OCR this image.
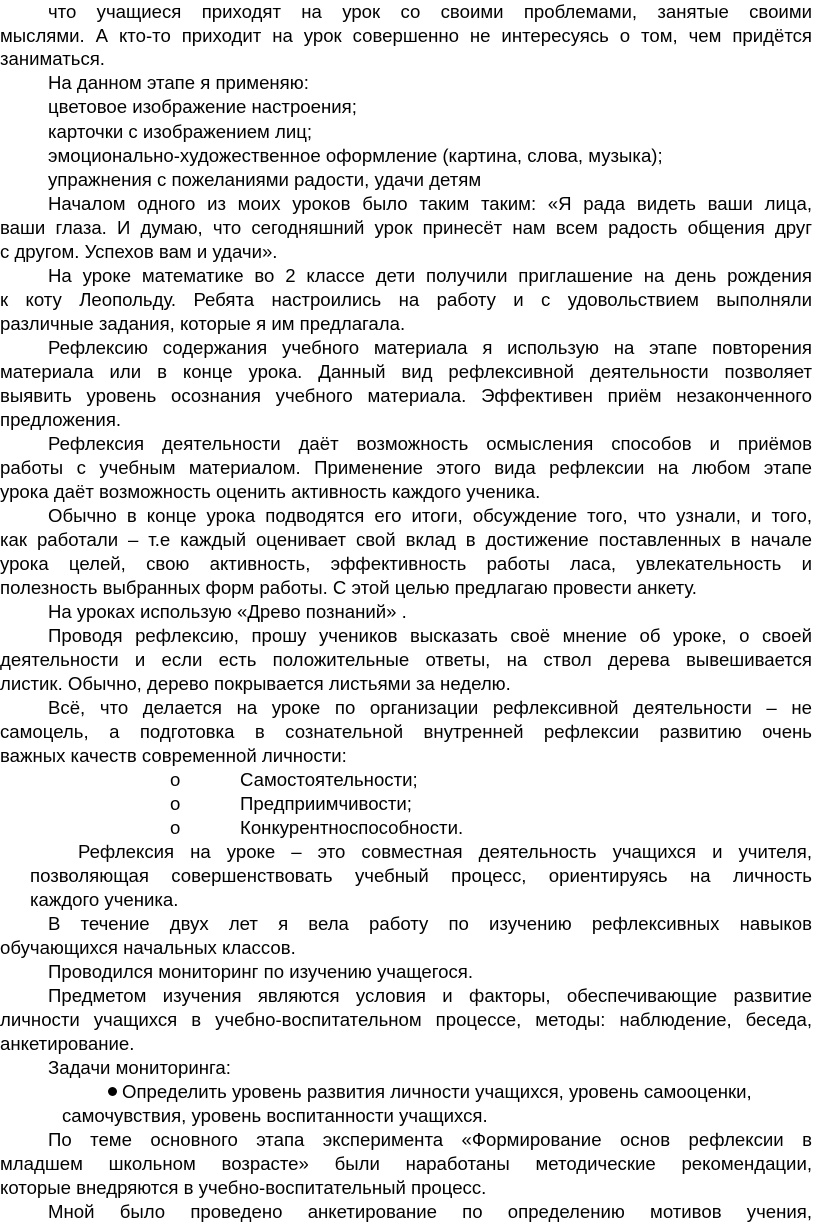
что учащиеся приходят на урок со своими проблемами, занятые своими
мыслями. А кто-то приходит на урок совершенно не интересуясь о том, чем придётся
заниматься.
На данном этапе я применяю:
цветовое изображение настроения;
карточки с изображением лиц;
эмоционально-художественное оформление (картина, слова, музыка);
упражнения с пожеланиями радости, удачи детям
Началом одного из моих уроков было таким таким: «Я рада видеть ваши лица,
ваши глаза. И думаю, что сегодняшний урок принесёт нам всем радость общения друг
с другом. Успехов вам и удачи».
На уроке математике во 2 классе дети получили приглашение на день рождения
к коту Леопольду. Ребята настроились на работу и с удовольствием выполняли
различные задания, которые я им предлагала.
Рефлексию содержания учебного материала я использую на этапе повторения
материала или в конце урока. Данный вид рефлексивной деятельности позволяет
выявить уровень осознания учебного материала. Эффективен приём незаконченного
предложения.
Рефлексия деятельности даёт возможность осмысления способов и приёмов
работы с учебным материалом. Применение этого вида рефлексии на любом этапе
урока даёт возможность оценить активность каждого ученика.
Обычно в конце урока подводятся его итоги, обсуждение того, что узнали, и того,
как работали – т.е каждый оценивает свой вклад в достижение поставленных в начале
урока целей, свою активность, эффективность работы ласа, увлекательность и
полезность выбранных форм работы. С этой целью предлагаю провести анкету.
На уроках использую «Древо познаний» .
Проводя рефлексию, прошу учеников высказать своё мнение об уроке, о своей
деятельности и если есть положительные ответы, на ствол дерева вывешивается
листик. Обычно, дерево покрывается листьями за неделю.
Всё, что делается на уроке по организации рефлексивной деятельности – не
самоцель, а подготовка в сознательной внутренней рефлексии развитию очень
важных качеств современной личности:
o	Самостоятельности;
o	Предприимчивости;
o	Конкурентноспособности.
Рефлексия на уроке – это совместная деятельность учащихся и учителя,
позволяющая совершенствовать учебный процесс, ориентируясь на личность
каждого ученика.
В течение двух лет я вела работу по изучению рефлексивных навыков
обучающихся начальных классов.
Проводился мониторинг по изучению учащегося.
Предметом изучения являются условия и факторы, обеспечивающие развитие
личности учащихся в учебно-воспитательном процессе, методы: наблюдение, беседа,
анкетирование.
Задачи мониторинга:
Определить уровень развития личности учащихся, уровень самооценки,
самочувствия, уровень воспитанности учащихся.
По теме основного этапа эксперимента «Формирование основ рефлексии в
младшем школьном возрасте» были наработаны методические рекомендации,
которые внедряются в учебно-воспитательный процесс.
Мной было проведено анкетирование по определению мотивов учения,
